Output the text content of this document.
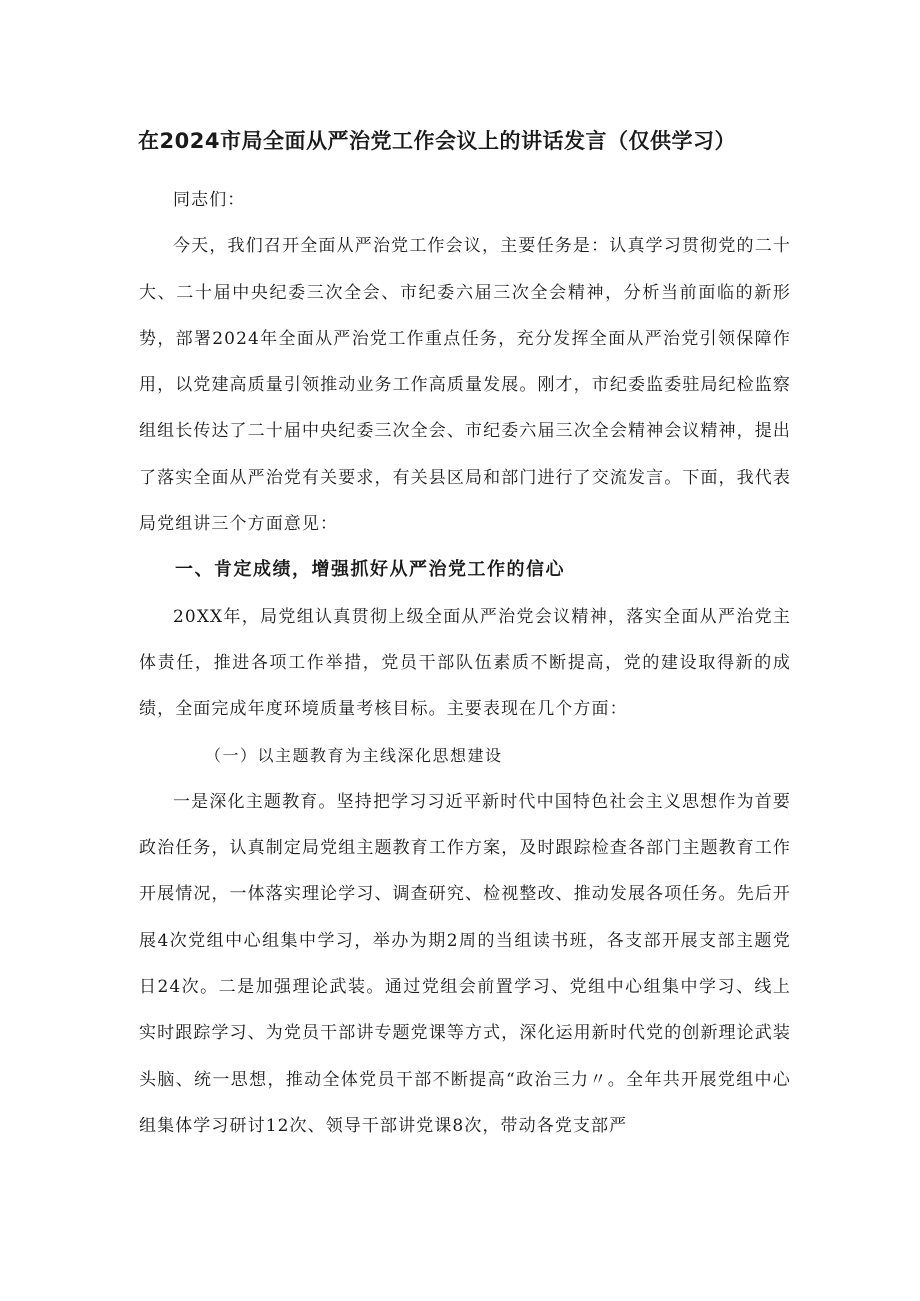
在2024市局全面从严治党工作会议上的讲话发言（仅供学习）

同志们：

今天，我们召开全面从严治党工作会议，主要任务是：认真学习贯彻党的二十大、二十届中央纪委三次全会、市纪委六届三次全会精神，分析当前面临的新形势，部署2024年全面从严治党工作重点任务，充分发挥全面从严治党引领保障作用，以党建高质量引领推动业务工作高质量发展。刚才，市纪委监委驻局纪检监察组组长传达了二十届中央纪委三次全会、市纪委六届三次全会精神会议精神，提出了落实全面从严治党有关要求，有关县区局和部门进行了交流发言。下面，我代表局党组讲三个方面意见：

一、肯定成绩，增强抓好从严治党工作的信心

20XX年，局党组认真贯彻上级全面从严治党会议精神，落实全面从严治党主体责任，推进各项工作举措，党员干部队伍素质不断提高，党的建设取得新的成绩，全面完成年度环境质量考核目标。主要表现在几个方面：

（一）以主题教育为主线深化思想建设

一是深化主题教育。坚持把学习习近平新时代中国特色社会主义思想作为首要政治任务，认真制定局党组主题教育工作方案，及时跟踪检查各部门主题教育工作开展情况，一体落实理论学习、调查研究、检视整改、推动发展各项任务。先后开展4次党组中心组集中学习，举办为期2周的当组读书班，各支部开展支部主题党日24次。二是加强理论武装。通过党组会前置学习、党组中心组集中学习、线上实时跟踪学习、为党员干部讲专题党课等方式，深化运用新时代党的创新理论武装头脑、统一思想，推动全体党员干部不断提高“政治三力〃。全年共开展党组中心组集体学习研讨12次、领导干部讲党课8次，带动各党支部严
